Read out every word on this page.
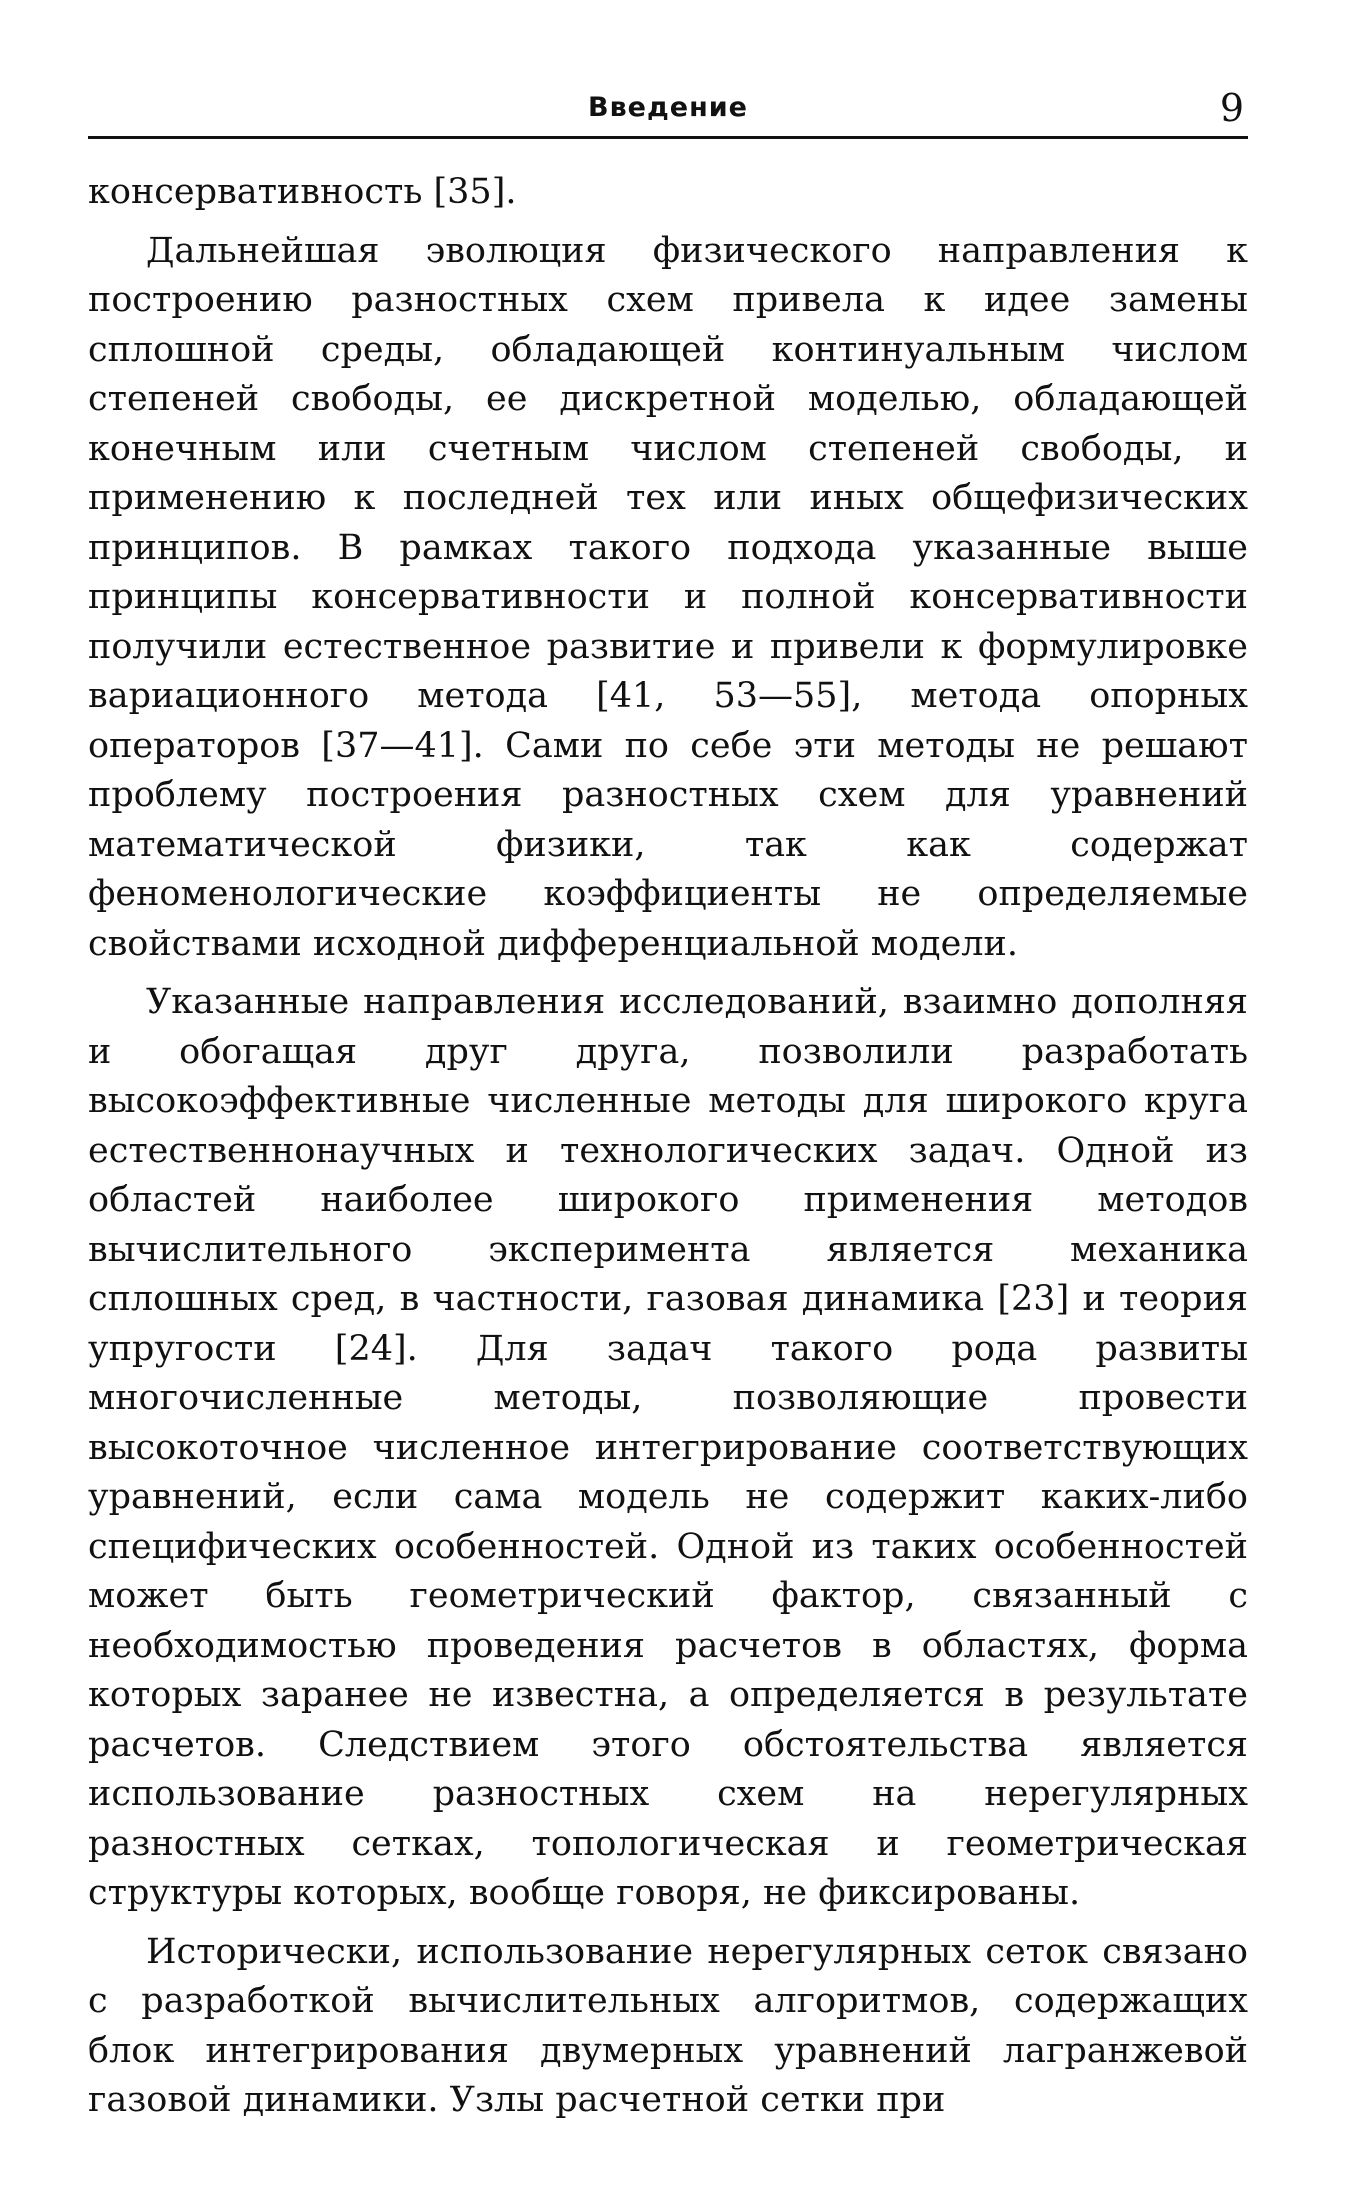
Введение	9

консервативность [35].

Дальнейшая эволюция физического направления к построению разностных схем привела к идее замены сплошной среды, обладающей континуальным числом степеней свободы, ее дискретной моделью, обладающей конечным или счетным числом степеней свободы, и применению к последней тех или иных общефизических принципов. В рамках такого подхода указанные выше принципы консервативности и полной консервативности получили естественное развитие и привели к формулировке вариационного метода [41, 53—55], метода опорных операторов [37—41]. Сами по себе эти методы не решают проблему построения разностных схем для уравнений математической физики, так как содержат феноменологические коэффициенты не определяемые свойствами исходной дифференциальной модели.

Указанные направления исследований, взаимно дополняя и обогащая друг друга, позволили разработать высокоэффективные численные методы для широкого круга естественнонаучных и технологических задач. Одной из областей наиболее широкого применения методов вычислительного эксперимента является механика сплошных сред, в частности, газовая динамика [23] и теория упругости [24]. Для задач такого рода развиты многочисленные методы, позволяющие провести высокоточное численное интегрирование соответствующих уравнений, если сама модель не содержит каких-либо специфических особенностей. Одной из таких особенностей может быть геометрический фактор, связанный с необходимостью проведения расчетов в областях, форма которых заранее не известна, а определяется в результате расчетов. Следствием этого обстоятельства является использование разностных схем на нерегулярных разностных сетках, топологическая и геометрическая структуры которых, вообще говоря, не фиксированы.

Исторически, использование нерегулярных сеток связано с разработкой вычислительных алгоритмов, содержащих блок интегрирования двумерных уравнений лагранжевой газовой динамики. Узлы расчетной сетки при
